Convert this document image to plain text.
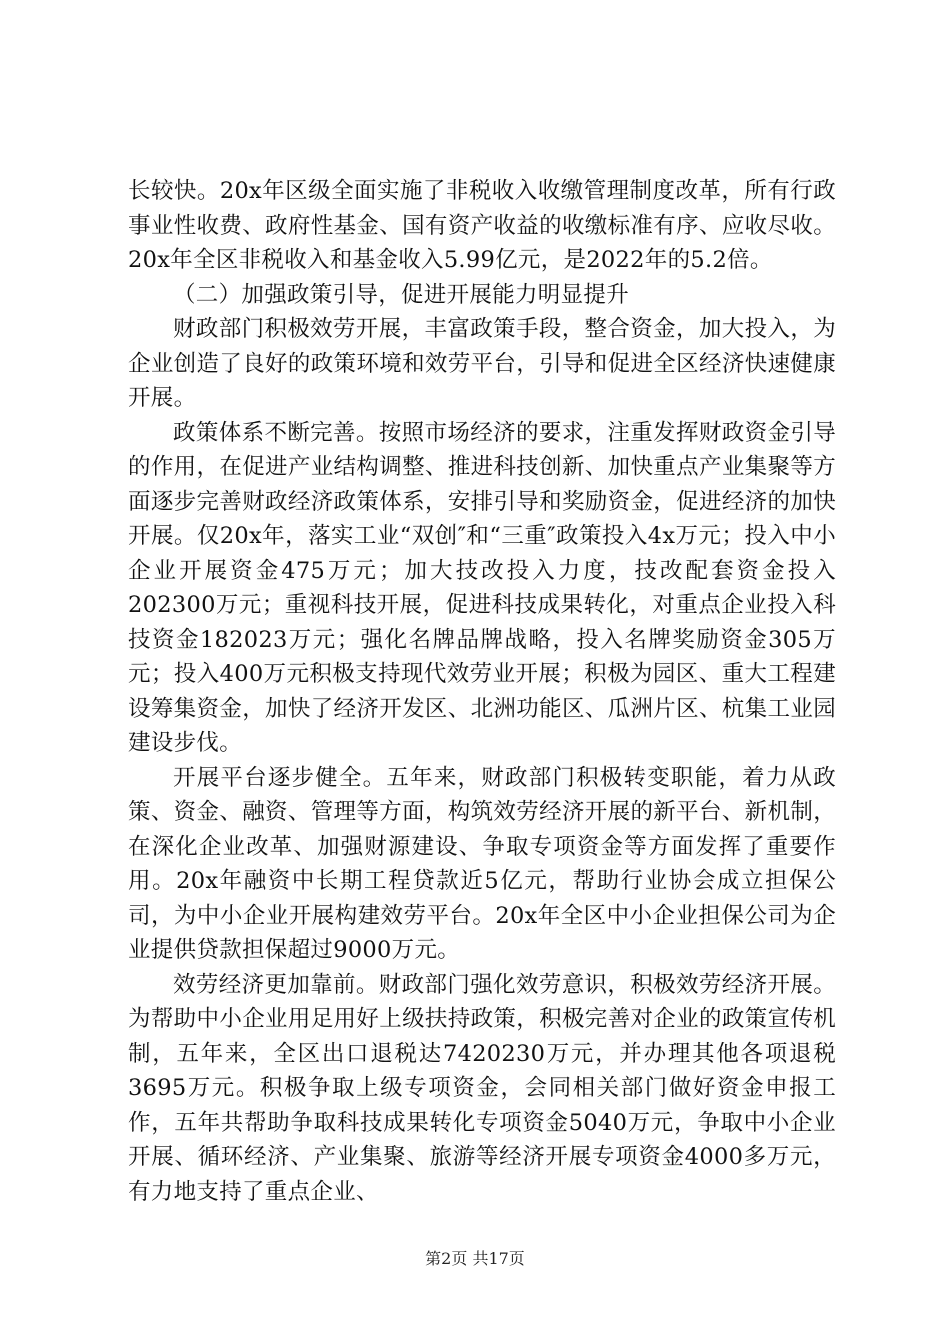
长较快。20x年区级全面实施了非税收入收缴管理制度改革，所有行政事业性收费、政府性基金、国有资产收益的收缴标准有序、应收尽收。20x年全区非税收入和基金收入5.99亿元，是2022年的5.2倍。

（二）加强政策引导，促进开展能力明显提升

财政部门积极效劳开展，丰富政策手段，整合资金，加大投入，为企业创造了良好的政策环境和效劳平台，引导和促进全区经济快速健康开展。

政策体系不断完善。按照市场经济的要求，注重发挥财政资金引导的作用，在促进产业结构调整、推进科技创新、加快重点产业集聚等方面逐步完善财政经济政策体系，安排引导和奖励资金，促进经济的加快开展。仅20x年，落实工业“双创″和“三重″政策投入4x万元；投入中小企业开展资金475万元；加大技改投入力度，技改配套资金投入202300万元；重视科技开展，促进科技成果转化，对重点企业投入科技资金182023万元；强化名牌品牌战略，投入名牌奖励资金305万元；投入400万元积极支持现代效劳业开展；积极为园区、重大工程建设筹集资金，加快了经济开发区、北洲功能区、瓜洲片区、杭集工业园建设步伐。

开展平台逐步健全。五年来，财政部门积极转变职能，着力从政策、资金、融资、管理等方面，构筑效劳经济开展的新平台、新机制，在深化企业改革、加强财源建设、争取专项资金等方面发挥了重要作用。20x年融资中长期工程贷款近5亿元，帮助行业协会成立担保公司，为中小企业开展构建效劳平台。20x年全区中小企业担保公司为企业提供贷款担保超过9000万元。

效劳经济更加靠前。财政部门强化效劳意识，积极效劳经济开展。为帮助中小企业用足用好上级扶持政策，积极完善对企业的政策宣传机制，五年来，全区出口退税达7420230万元，并办理其他各项退税3695万元。积极争取上级专项资金，会同相关部门做好资金申报工作，五年共帮助争取科技成果转化专项资金5040万元，争取中小企业开展、循环经济、产业集聚、旅游等经济开展专项资金4000多万元，有力地支持了重点企业、

第2页 共17页
